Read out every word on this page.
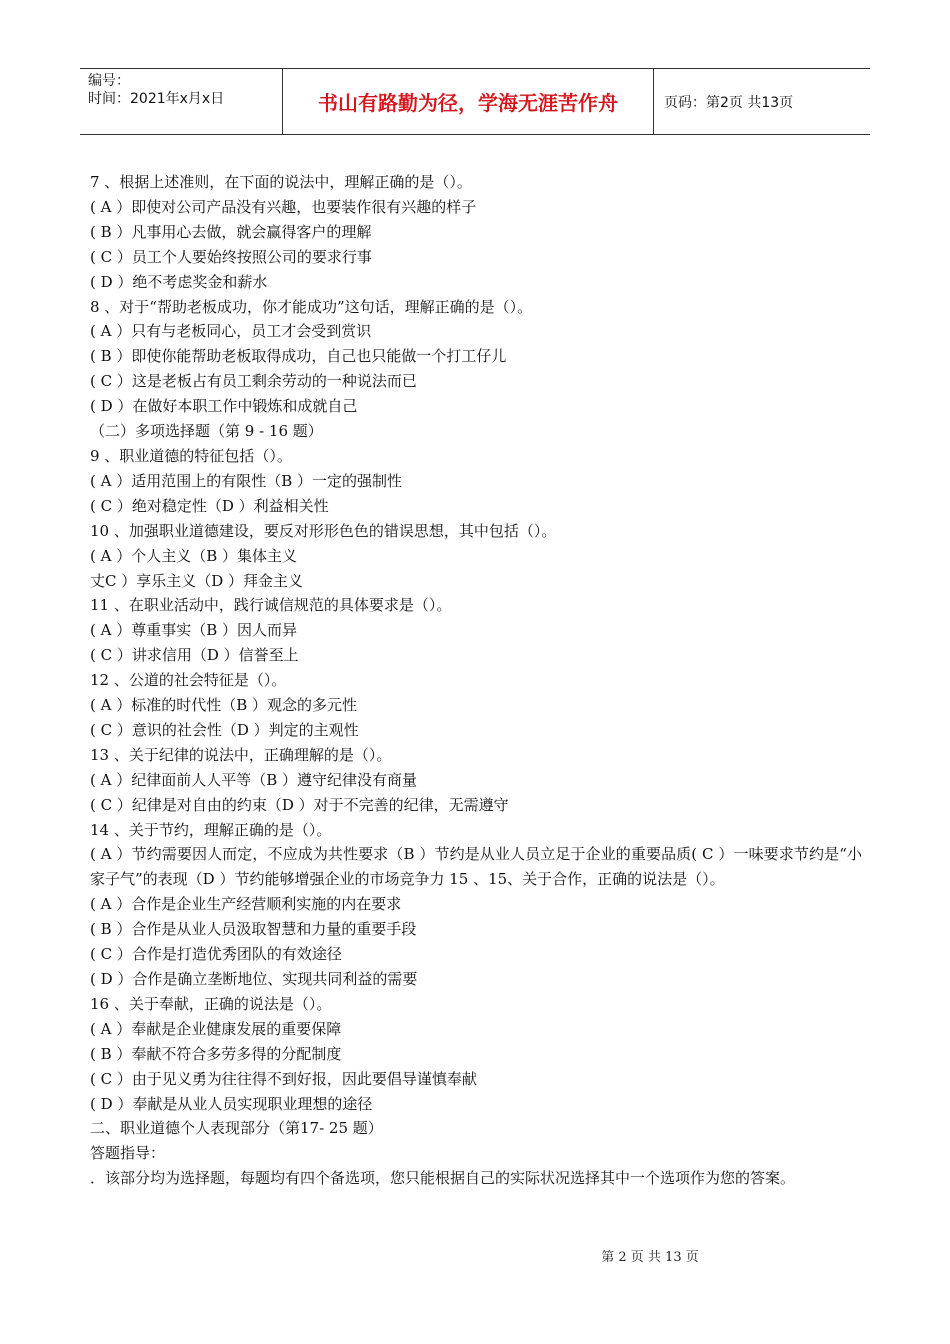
编号：
时间：2021年x月x日	书山有路勤为径，学海无涯苦作舟	页码：第2页 共13页
7 、根据上述准则，在下面的说法中，理解正确的是（）。
( A ）即使对公司产品没有兴趣，也要装作很有兴趣的样子
( B ）凡事用心去做，就会赢得客户的理解
( C ）员工个人要始终按照公司的要求行事
( D ）绝不考虑奖金和薪水
8 、对于“帮助老板成功，你才能成功”这句话，理解正确的是（）。
( A ）只有与老板同心，员工才会受到赏识
( B ）即使你能帮助老板取得成功，自己也只能做一个打工仔儿
( C ）这是老板占有员工剩余劳动的一种说法而已
( D ）在做好本职工作中锻炼和成就自己
（二）多项选择题（第 9 - 16 题）
9 、职业道德的特征包括（）。
( A ）适用范围上的有限性（B ）一定的强制性
( C ）绝对稳定性（D ）利益相关性
10 、加强职业道德建设，要反对形形色色的错误思想，其中包括（）。
( A ）个人主义（B ）集体主义
丈C ）享乐主义（D ）拜金主义
11 、在职业活动中，践行诚信规范的具体要求是（）。
( A ）尊重事实（B ）因人而异
( C ）讲求信用（D ）信誉至上
12 、公道的社会特征是（）。
( A ）标准的时代性（B ）观念的多元性
( C ）意识的社会性（D ）判定的主观性
13 、关于纪律的说法中，正确理解的是（）。
( A ）纪律面前人人平等（B ）遵守纪律没有商量
( C ）纪律是对自由的约束（D ）对于不完善的纪律，无需遵守
14 、关于节约，理解正确的是（）。
( A ）节约需要因人而定，不应成为共性要求（B ）节约是从业人员立足于企业的重要品质( C ）一味要求节约是“小家子气”的表现（D ）节约能够增强企业的市场竞争力 15 、15、关于合作，正确的说法是（）。
( A ）合作是企业生产经营顺利实施的内在要求
( B ）合作是从业人员汲取智慧和力量的重要手段
( C ）合作是打造优秀团队的有效途径
( D ）合作是确立垄断地位、实现共同利益的需要
16 、关于奉献，正确的说法是（）。
( A ）奉献是企业健康发展的重要保障
( B ）奉献不符合多劳多得的分配制度
( C ）由于见义勇为往往得不到好报，因此要倡导谨慎奉献
( D ）奉献是从业人员实现职业理想的途径
二、职业道德个人表现部分（第17- 25 题）
答题指导：
．该部分均为选择题，每题均有四个备选项，您只能根据自己的实际状况选择其中一个选项作为您的答案。
第 2 页 共 13 页
